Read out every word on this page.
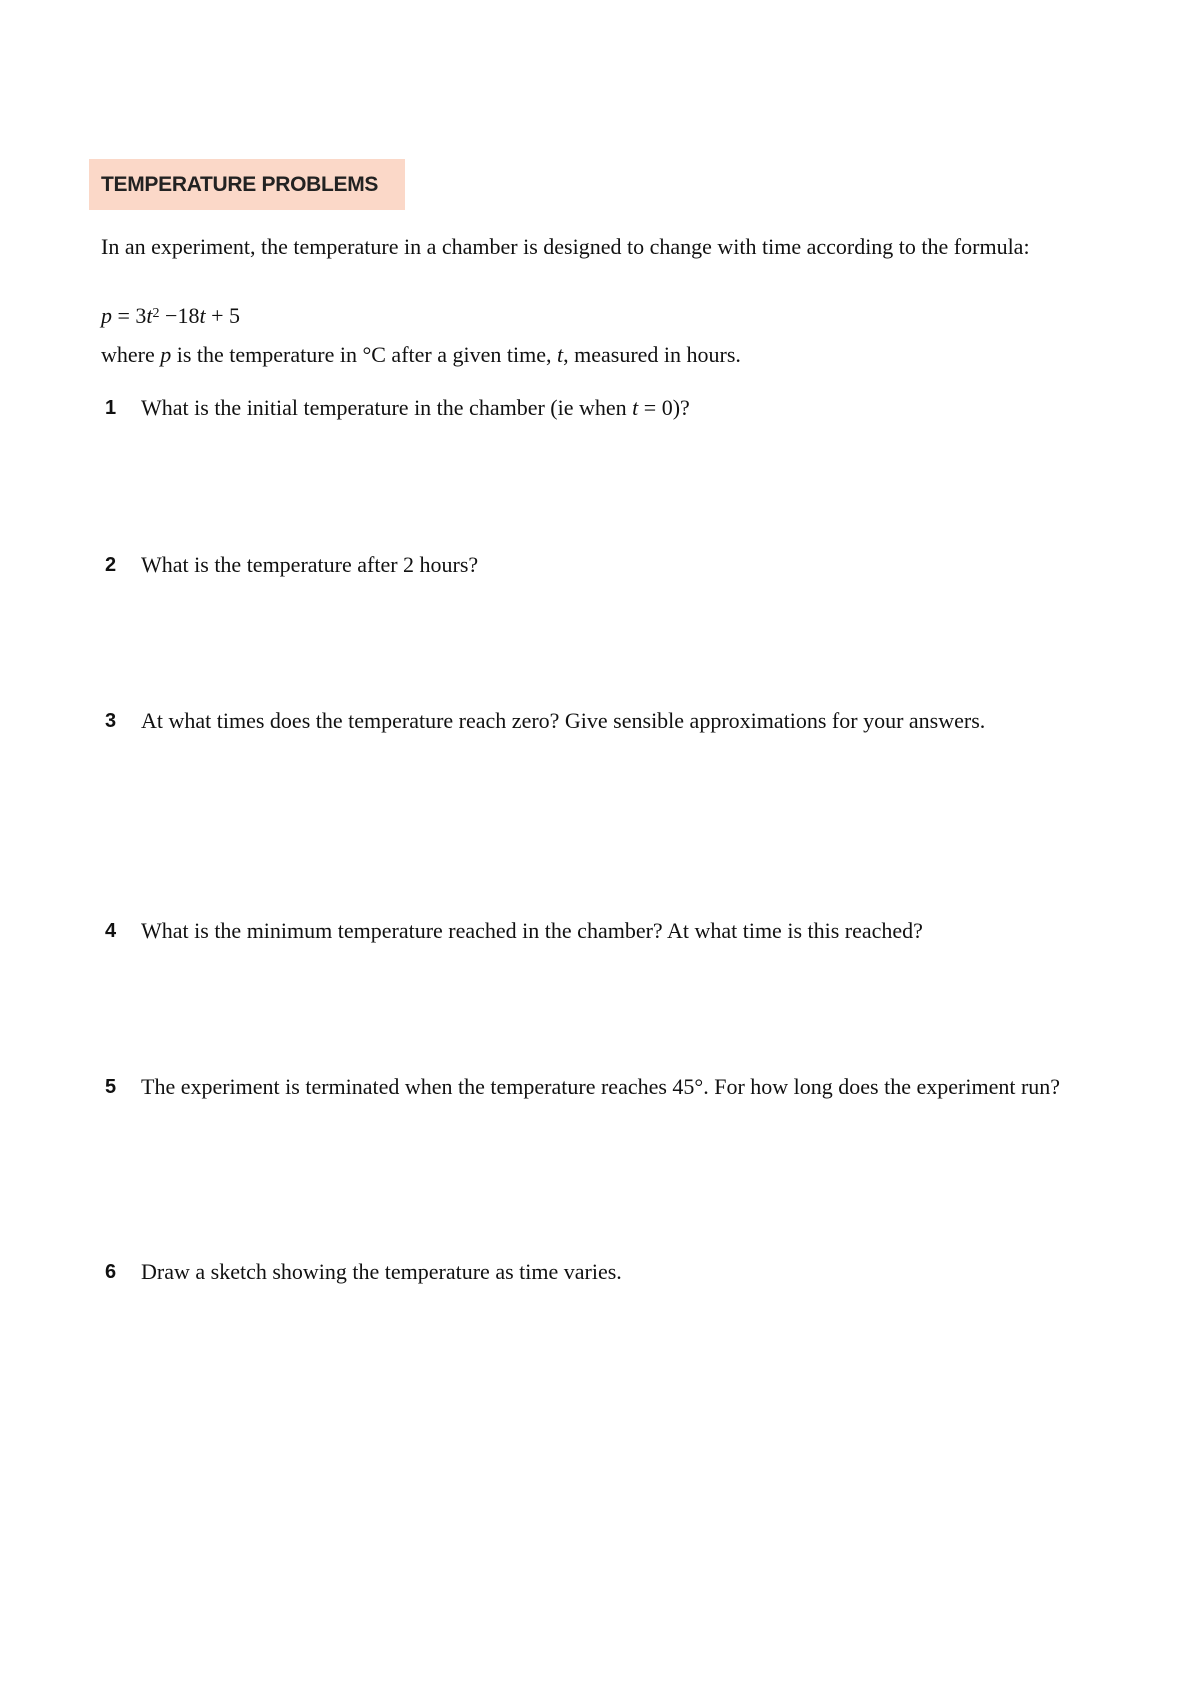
TEMPERATURE PROBLEMS
In an experiment, the temperature in a chamber is designed to change with time according to the formula:
$p = 3t^2 -18t + 5$
where p is the temperature in °C after a given time, t, measured in hours.
1 What is the initial temperature in the chamber (ie when t = 0)?
2 What is the temperature after 2 hours?
3 At what times does the temperature reach zero? Give sensible approximations for your answers.
4 What is the minimum temperature reached in the chamber? At what time is this reached?
5 The experiment is terminated when the temperature reaches 45°. For how long does the experiment run?
6 Draw a sketch showing the temperature as time varies.
